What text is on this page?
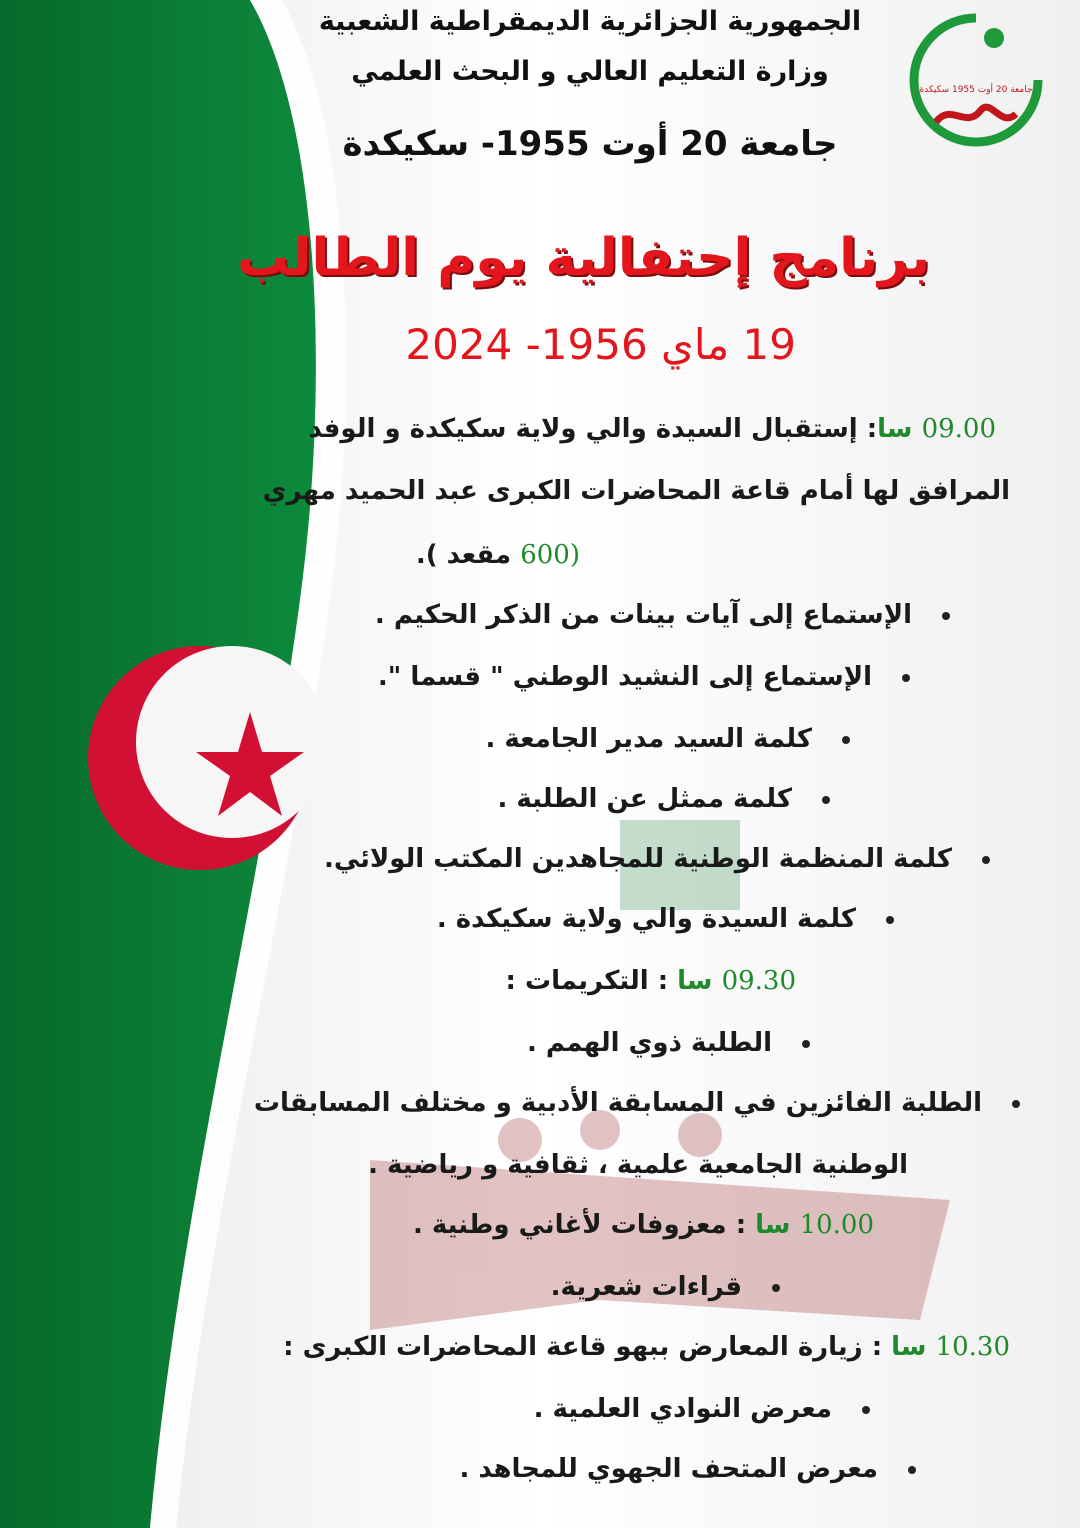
الجمهورية الجزائرية الديمقراطية الشعبية
وزارة التعليم العالي و البحث العلمي
جامعة 20 أوت 1955- سكيكدة
جامعة 20 أوت 1955 سكيكدة
برنامج إحتفالية يوم الطالب
19 ماي 1956- 2024
09.00 سا: إستقبال السيدة والي ولاية سكيكدة و الوفد
المرافق لها أمام قاعة المحاضرات الكبرى عبد الحميد مهري
(600 مقعد ).
الإستماع إلى آيات بينات من الذكر الحكيم .
الإستماع إلى النشيد الوطني " قسما ".
كلمة السيد مدير الجامعة .
كلمة ممثل عن الطلبة .
كلمة المنظمة الوطنية للمجاهدين المكتب الولائي.
كلمة السيدة والي ولاية سكيكدة .
09.30 سا : التكريمات :
الطلبة ذوي الهمم .
الطلبة الفائزين في المسابقة الأدبية و مختلف المسابقات
الوطنية الجامعية علمية ، ثقافية و رياضية .
10.00 سا : معزوفات لأغاني وطنية .
قراءات شعرية.
10.30 سا : زيارة المعارض ببهو قاعة المحاضرات الكبرى :
معرض النوادي العلمية .
معرض المتحف الجهوي للمجاهد .
